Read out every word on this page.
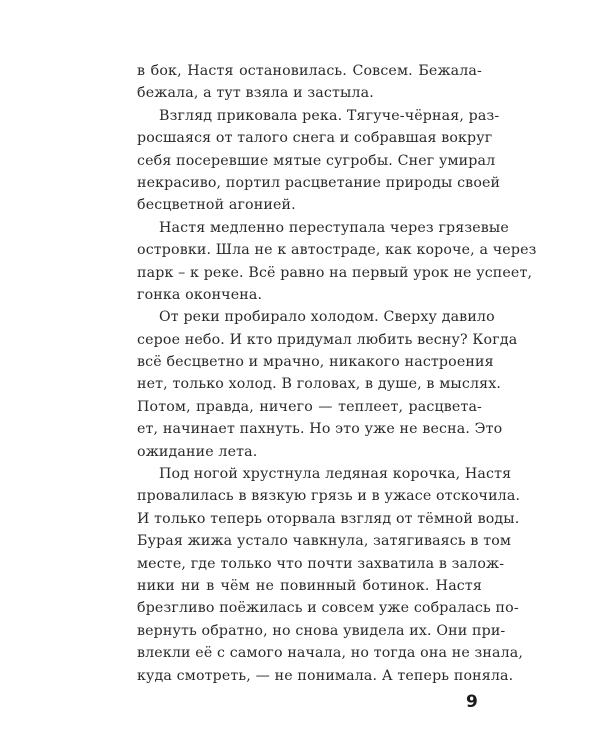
в бок, Настя остановилась. Совсем. Бежала-
бежала, а тут взяла и застыла.
Взгляд приковала река. Тягуче-чёрная, раз-
росшаяся от талого снега и собравшая вокруг
себя посеревшие мятые сугробы. Снег умирал
некрасиво, портил расцветание природы своей
бесцветной агонией.
Настя медленно переступала через грязевые
островки. Шла не к автостраде, как короче, а через
парк – к реке. Всё равно на первый урок не успеет,
гонка окончена.
От реки пробирало холодом. Сверху давило
серое небо. И кто придумал любить весну? Когда
всё бесцветно и мрачно, никакого настроения
нет, только холод. В головах, в душе, в мыслях.
Потом, правда, ничего — теплеет, расцвета-
ет, начинает пахнуть. Но это уже не весна. Это
ожидание лета.
Под ногой хрустнула ледяная корочка, Настя
провалилась в вязкую грязь и в ужасе отскочила.
И только теперь оторвала взгляд от тёмной воды.
Бурая жижа устало чавкнула, затягиваясь в том
месте, где только что почти захватила в залож-
ники ни в чём не повинный ботинок. Настя
брезгливо поёжилась и совсем уже собралась по-
вернуть обратно, но снова увидела их. Они при-
влекли её с самого начала, но тогда она не знала,
куда смотреть, — не понимала. А теперь поняла.
9
